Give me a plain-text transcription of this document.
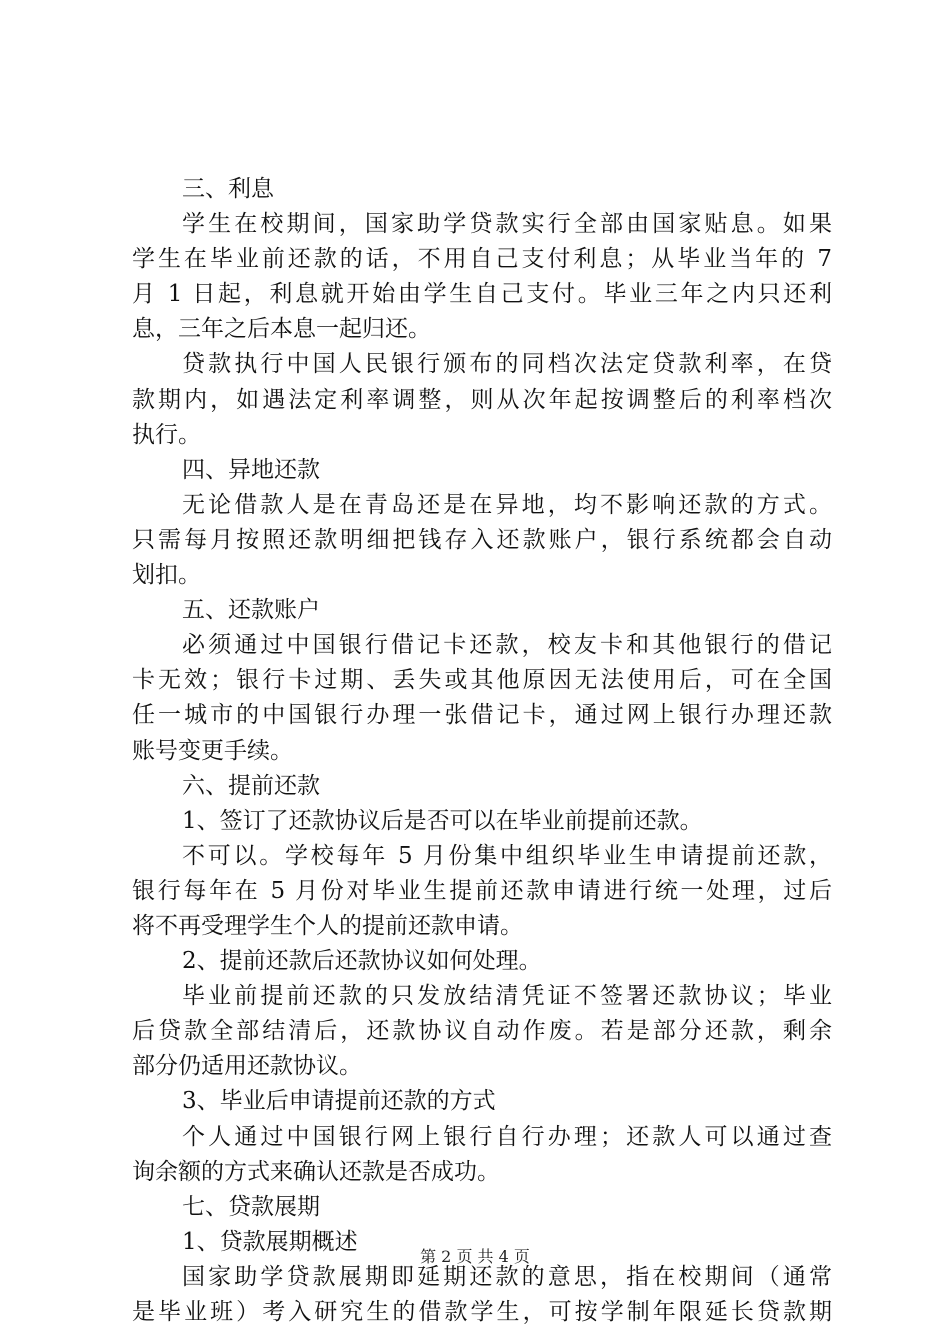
三、利息
学生在校期间，国家助学贷款实行全部由国家贴息。如果
学生在毕业前还款的话，不用自己支付利息；从毕业当年的 7
月 1 日起，利息就开始由学生自己支付。毕业三年之内只还利
息，三年之后本息一起归还。
贷款执行中国人民银行颁布的同档次法定贷款利率，在贷
款期内，如遇法定利率调整，则从次年起按调整后的利率档次
执行。
四、异地还款
无论借款人是在青岛还是在异地，均不影响还款的方式。
只需每月按照还款明细把钱存入还款账户，银行系统都会自动
划扣。
五、还款账户
必须通过中国银行借记卡还款，校友卡和其他银行的借记
卡无效；银行卡过期、丢失或其他原因无法使用后，可在全国
任一城市的中国银行办理一张借记卡，通过网上银行办理还款
账号变更手续。
六、提前还款
1、签订了还款协议后是否可以在毕业前提前还款。
不可以。学校每年 5 月份集中组织毕业生申请提前还款，
银行每年在 5 月份对毕业生提前还款申请进行统一处理，过后
将不再受理学生个人的提前还款申请。
2、提前还款后还款协议如何处理。
毕业前提前还款的只发放结清凭证不签署还款协议；毕业
后贷款全部结清后，还款协议自动作废。若是部分还款，剩余
部分仍适用还款协议。
3、毕业后申请提前还款的方式
个人通过中国银行网上银行自行办理；还款人可以通过查
询余额的方式来确认还款是否成功。
七、贷款展期
1、贷款展期概述
国家助学贷款展期即延期还款的意思，指在校期间（通常
是毕业班）考入研究生的借款学生，可按学制年限延长贷款期
第 2 页 共 4 页
